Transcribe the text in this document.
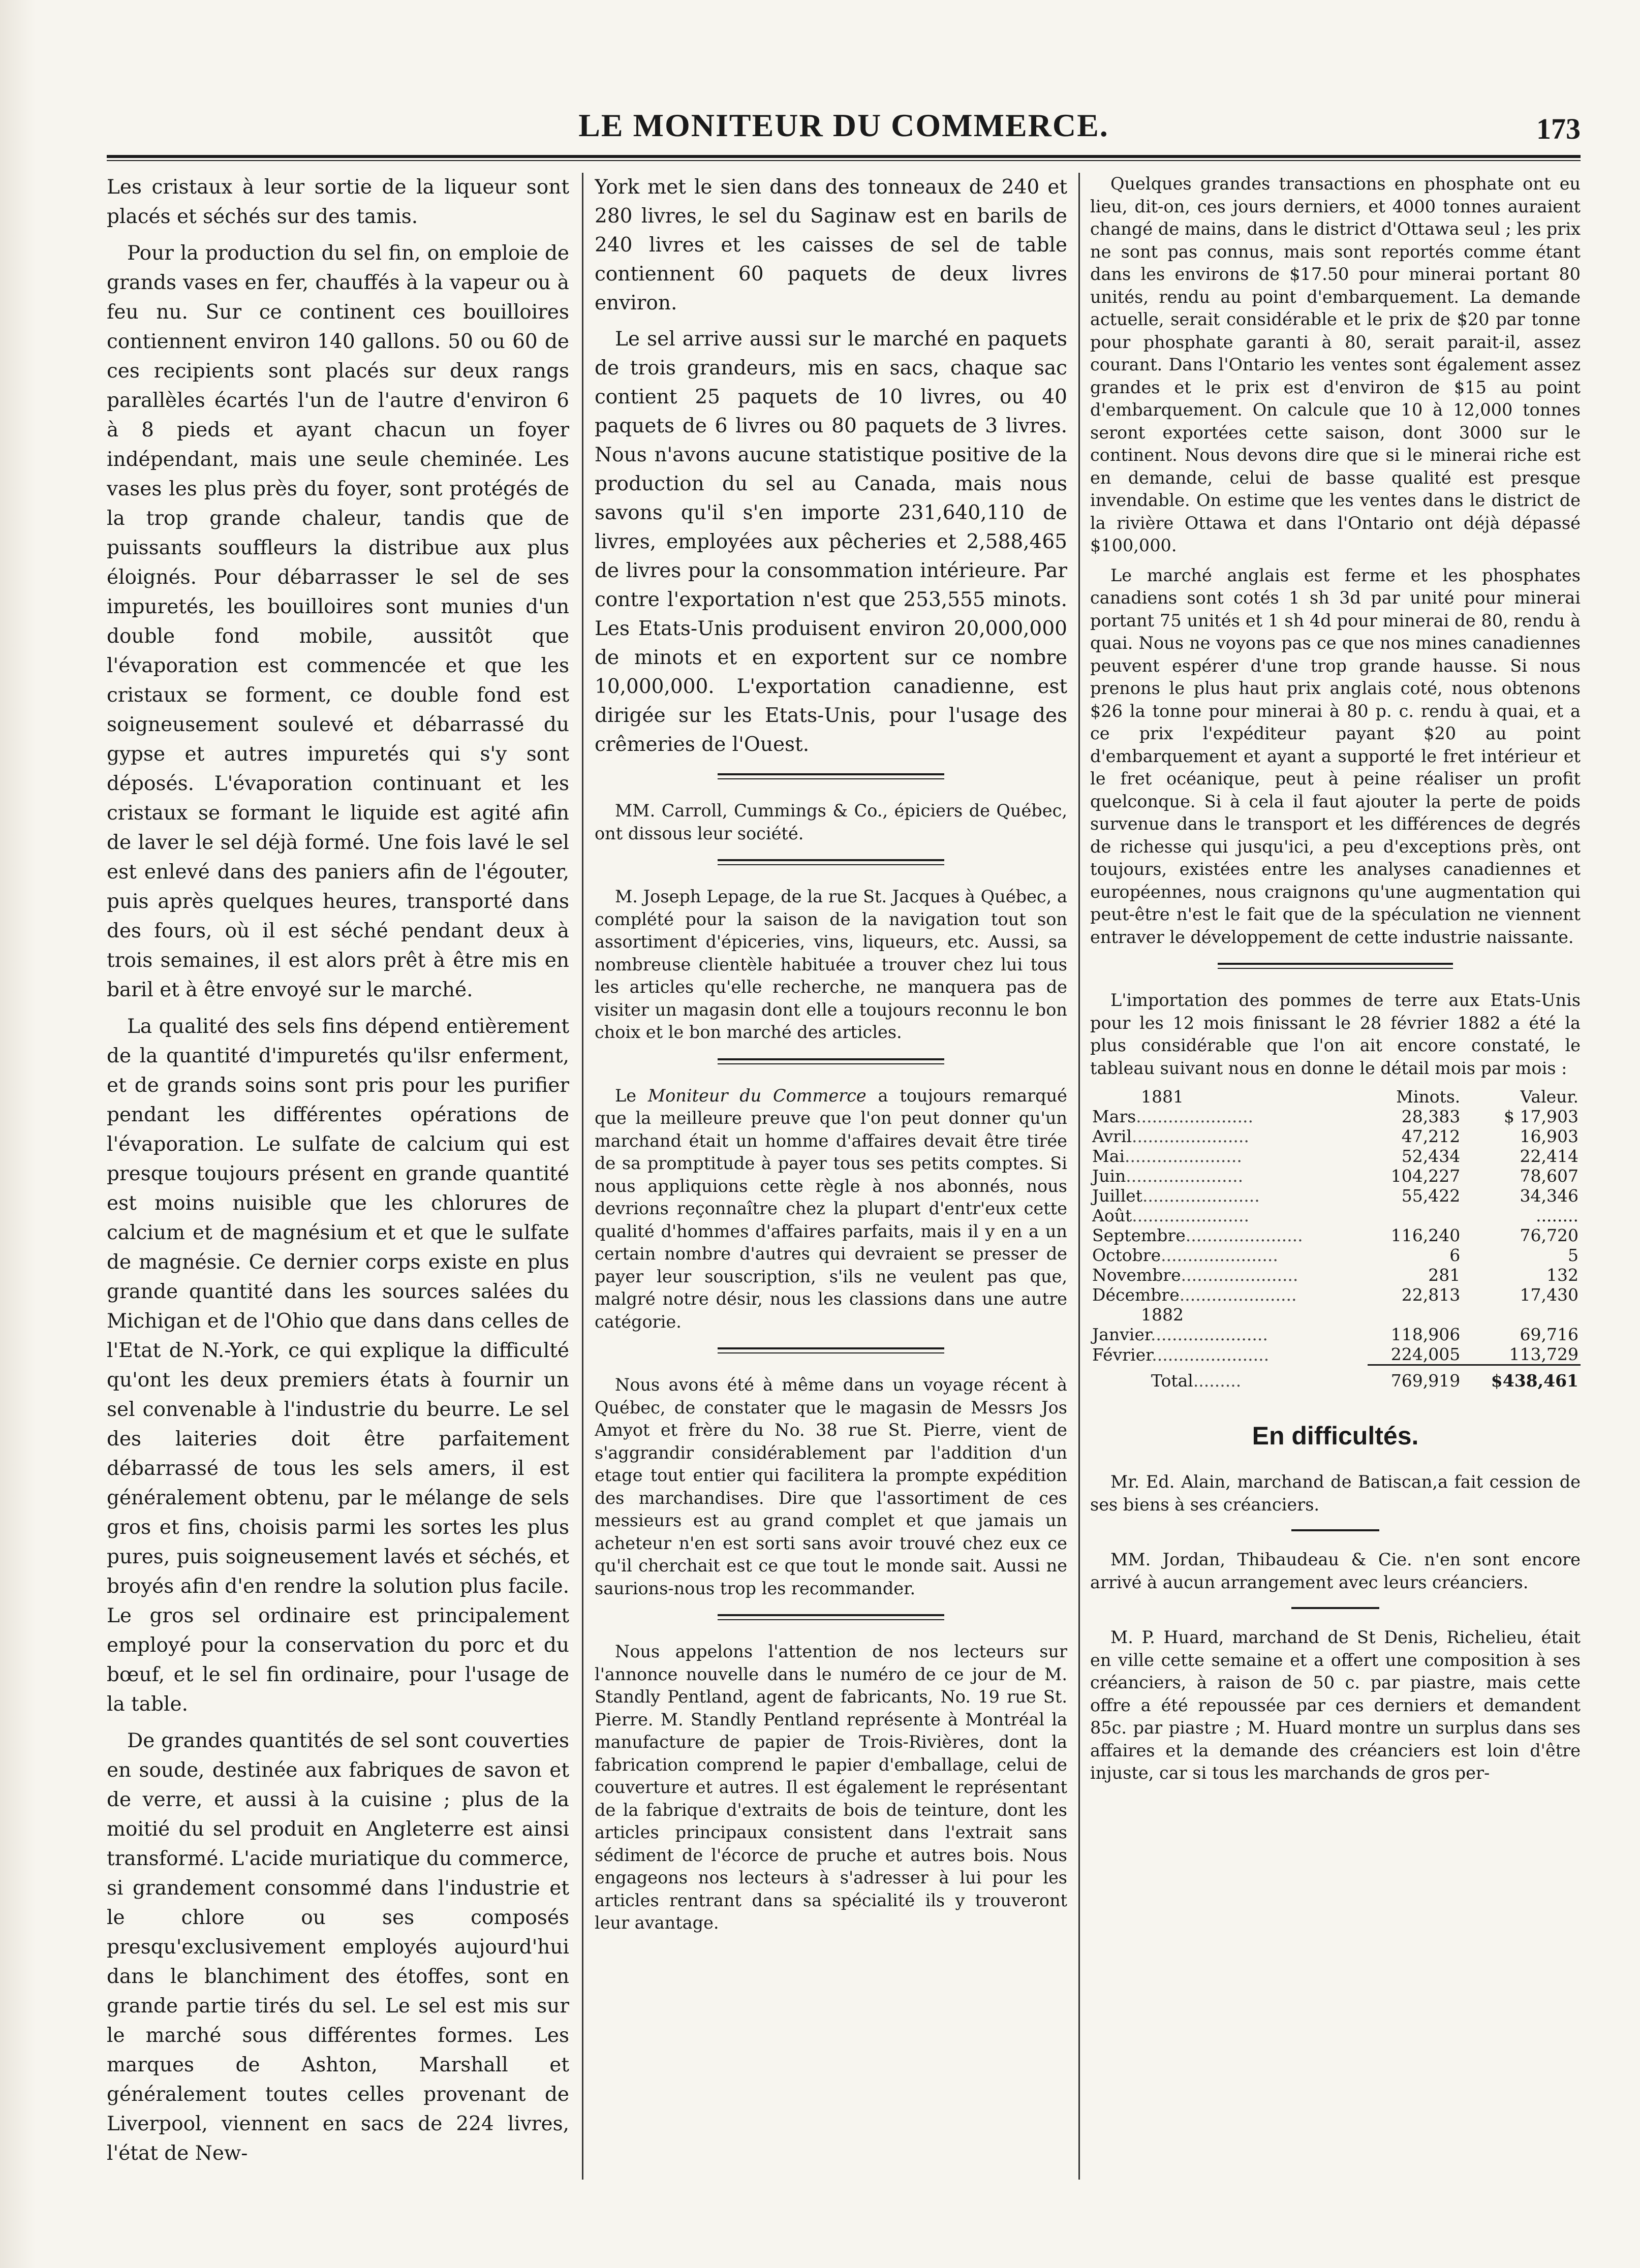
LE MONITEUR DU COMMERCE.	173

Les cristaux à leur sortie de la liqueur sont placés et séchés sur des tamis.

Pour la production du sel fin, on emploie de grands vases en fer, chauffés à la vapeur ou à feu nu. Sur ce continent ces bouilloires contiennent environ 140 gallons. 50 ou 60 de ces recipients sont placés sur deux rangs parallèles écartés l'un de l'autre d'environ 6 à 8 pieds et ayant chacun un foyer indépendant, mais une seule cheminée. Les vases les plus près du foyer, sont protégés de la trop grande chaleur, tandis que de puissants souffleurs la distribue aux plus éloignés. Pour débarrasser le sel de ses impuretés, les bouilloires sont munies d'un double fond mobile, aussitôt que l'évaporation est commencée et que les cristaux se forment, ce double fond est soigneusement soulevé et débarrassé du gypse et autres impuretés qui s'y sont déposés. L'évaporation continuant et les cristaux se formant le liquide est agité afin de laver le sel déjà formé. Une fois lavé le sel est enlevé dans des paniers afin de l'égouter, puis après quelques heures, transporté dans des fours, où il est séché pendant deux à trois semaines, il est alors prêt à être mis en baril et à être envoyé sur le marché.

La qualité des sels fins dépend entièrement de la quantité d'impuretés qu'ilsr enferment, et de grands soins sont pris pour les purifier pendant les différentes opérations de l'évaporation. Le sulfate de calcium qui est presque toujours présent en grande quantité est moins nuisible que les chlorures de calcium et de magnésium et et que le sulfate de magnésie. Ce dernier corps existe en plus grande quantité dans les sources salées du Michigan et de l'Ohio que dans dans celles de l'Etat de N.-York, ce qui explique la difficulté qu'ont les deux premiers états à fournir un sel convenable à l'industrie du beurre. Le sel des laiteries doit être parfaitement débarrassé de tous les sels amers, il est généralement obtenu, par le mélange de sels gros et fins, choisis parmi les sortes les plus pures, puis soigneusement lavés et séchés, et broyés afin d'en rendre la solution plus facile. Le gros sel ordinaire est principalement employé pour la conservation du porc et du bœuf, et le sel fin ordinaire, pour l'usage de la table.

De grandes quantités de sel sont couverties en soude, destinée aux fabriques de savon et de verre, et aussi à la cuisine ; plus de la moitié du sel produit en Angleterre est ainsi transformé. L'acide muriatique du commerce, si grandement consommé dans l'industrie et le chlore ou ses composés presqu'exclusivement employés aujourd'hui dans le blanchiment des étoffes, sont en grande partie tirés du sel. Le sel est mis sur le marché sous différentes formes. Les marques de Ashton, Marshall et généralement toutes celles provenant de Liverpool, viennent en sacs de 224 livres, l'état de New-

York met le sien dans des tonneaux de 240 et 280 livres, le sel du Saginaw est en barils de 240 livres et les caisses de sel de table contiennent 60 paquets de deux livres environ.

Le sel arrive aussi sur le marché en paquets de trois grandeurs, mis en sacs, chaque sac contient 25 paquets de 10 livres, ou 40 paquets de 6 livres ou 80 paquets de 3 livres. Nous n'avons aucune statistique positive de la production du sel au Canada, mais nous savons qu'il s'en importe 231,640,110 de livres, employées aux pêcheries et 2,588,465 de livres pour la consommation intérieure. Par contre l'exportation n'est que 253,555 minots. Les Etats-Unis produisent environ 20,000,000 de minots et en exportent sur ce nombre 10,000,000. L'exportation canadienne, est dirigée sur les Etats-Unis, pour l'usage des crêmeries de l'Ouest.

MM. Carroll, Cummings & Co., épiciers de Québec, ont dissous leur société.

M. Joseph Lepage, de la rue St. Jacques à Québec, a complété pour la saison de la navigation tout son assortiment d'épiceries, vins, liqueurs, etc. Aussi, sa nombreuse clientèle habituée a trouver chez lui tous les articles qu'elle recherche, ne manquera pas de visiter un magasin dont elle a toujours reconnu le bon choix et le bon marché des articles.

Le Moniteur du Commerce a toujours remarqué que la meilleure preuve que l'on peut donner qu'un marchand était un homme d'affaires devait être tirée de sa promptitude à payer tous ses petits comptes. Si nous appliquions cette règle à nos abonnés, nous devrions reçonnaître chez la plupart d'entr'eux cette qualité d'hommes d'affaires parfaits, mais il y en a un certain nombre d'autres qui devraient se presser de payer leur souscription, s'ils ne veulent pas que, malgré notre désir, nous les classions dans une autre catégorie.

Nous avons été à même dans un voyage récent à Québec, de constater que le magasin de Messrs Jos Amyot et frère du No. 38 rue St. Pierre, vient de s'aggrandir considérablement par l'addition d'un etage tout entier qui facilitera la prompte expédition des marchandises. Dire que l'assortiment de ces messieurs est au grand complet et que jamais un acheteur n'en est sorti sans avoir trouvé chez eux ce qu'il cherchait est ce que tout le monde sait. Aussi ne saurions-nous trop les recommander.

Nous appelons l'attention de nos lecteurs sur l'annonce nouvelle dans le numéro de ce jour de M. Standly Pentland, agent de fabricants, No. 19 rue St. Pierre. M. Standly Pentland représente à Montréal la manufacture de papier de Trois-Rivières, dont la fabrication comprend le papier d'emballage, celui de couverture et autres. Il est également le représentant de la fabrique d'extraits de bois de teinture, dont les articles principaux consistent dans l'extrait sans sédiment de l'écorce de pruche et autres bois. Nous engageons nos lecteurs à s'adresser à lui pour les articles rentrant dans sa spécialité ils y trouveront leur avantage.

Quelques grandes transactions en phosphate ont eu lieu, dit-on, ces jours derniers, et 4000 tonnes auraient changé de mains, dans le district d'Ottawa seul ; les prix ne sont pas connus, mais sont reportés comme étant dans les environs de $17.50 pour minerai portant 80 unités, rendu au point d'embarquement. La demande actuelle, serait considérable et le prix de $20 par tonne pour phosphate garanti à 80, serait parait-il, assez courant. Dans l'Ontario les ventes sont également assez grandes et le prix est d'environ de $15 au point d'embarquement. On calcule que 10 à 12,000 tonnes seront exportées cette saison, dont 3000 sur le continent. Nous devons dire que si le minerai riche est en demande, celui de basse qualité est presque invendable. On estime que les ventes dans le district de la rivière Ottawa et dans l'Ontario ont déjà dépassé $100,000.

Le marché anglais est ferme et les phosphates canadiens sont cotés 1 sh 3d par unité pour minerai portant 75 unités et 1 sh 4d pour minerai de 80, rendu à quai. Nous ne voyons pas ce que nos mines canadiennes peuvent espérer d'une trop grande hausse. Si nous prenons le plus haut prix anglais coté, nous obtenons $26 la tonne pour minerai à 80 p. c. rendu à quai, et a ce prix l'expéditeur payant $20 au point d'embarquement et ayant a supporté le fret intérieur et le fret océanique, peut à peine réaliser un profit quelconque. Si à cela il faut ajouter la perte de poids survenue dans le transport et les différences de degrés de richesse qui jusqu'ici, a peu d'exceptions près, ont toujours, existées entre les analyses canadiennes et européennes, nous craignons qu'une augmentation qui peut-être n'est le fait que de la spéculation ne viennent entraver le développement de cette industrie naissante.

L'importation des pommes de terre aux Etats-Unis pour les 12 mois finissant le 28 février 1882 a été la plus considérable que l'on ait encore constaté, le tableau suivant nous en donne le détail mois par mois :

1881	Minots.	Valeur.
Mars......................	28,383	$ 17,903
Avril......................	47,212	16,903
Mai......................	52,434	22,414
Juin......................	104,227	78,607
Juillet......................	55,422	34,346
Août......................		........
Septembre......................	116,240	76,720
Octobre......................	6	5
Novembre......................	281	132
Décembre......................	22,813	17,430
1882		
Janvier......................	118,906	69,716
Février......................	224,005	113,729

Total.........	769,919	$438,461
En difficultés.

Mr. Ed. Alain, marchand de Batiscan,a fait cession de ses biens à ses créanciers.

MM. Jordan, Thibaudeau & Cie. n'en sont encore arrivé à aucun arrangement avec leurs créanciers.

M. P. Huard, marchand de St Denis, Richelieu, était en ville cette semaine et a offert une composition à ses créanciers, à raison de 50 c. par piastre, mais cette offre a été repoussée par ces derniers et demandent 85c. par piastre ; M. Huard montre un surplus dans ses affaires et la demande des créanciers est loin d'être injuste, car si tous les marchands de gros per-
